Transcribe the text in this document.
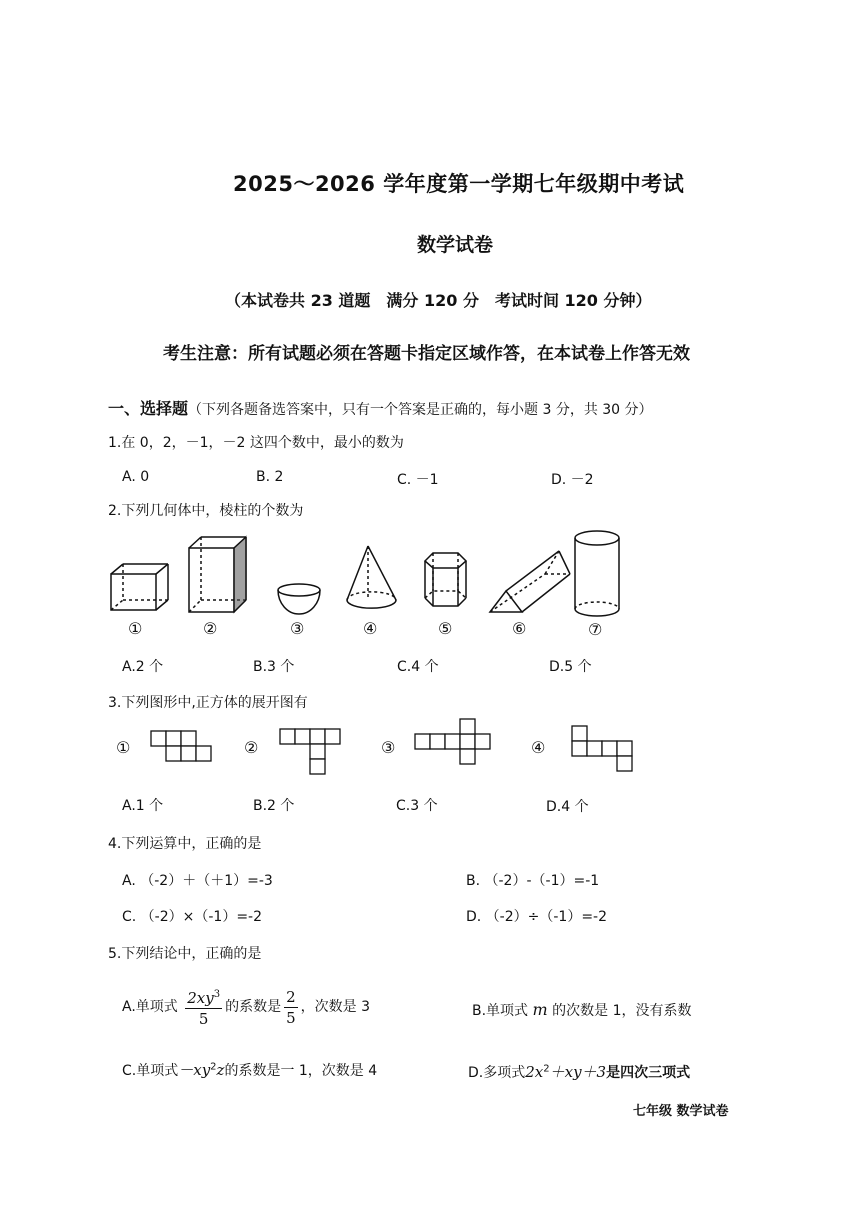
2025～2026 学年度第一学期七年级期中考试
数学试卷
（本试卷共 23 道题　满分 120 分　考试时间 120 分钟）
考生注意：所有试题必须在答题卡指定区域作答，在本试卷上作答无效
一、选择题（下列各题备选答案中，只有一个答案是正确的，每小题 3 分，共 30 分）
1.在 0，2，－1，－2 这四个数中，最小的数为
A. 0	B. 2	C. －1	D. －2
2.下列几何体中，棱柱的个数为
①	②	③	④	⑤	⑥	⑦
A.2 个	B.3 个	C.4 个	D.5 个
3.下列图形中,正方体的展开图有
①	②	③	④
A.1 个	B.2 个	C.3 个	D.4 个
4.下列运算中，正确的是
A. （-2）＋（＋1）=-3	B. （-2）-（-1）=-1
C. （-2）×（-1）=-2	D. （-2）÷（-1）=-2
5.下列结论中，正确的是
A.单项式 $\frac{2xy^3}{5}$ 的系数是 $\frac{2}{5}$ ，次数是 3	B.单项式 m 的次数是 1，没有系数
C.单项式$-xy^2z$的系数是一 1，次数是 4	D.多项式$2x^2+xy+3$是四次三项式
七年级 数学试卷
